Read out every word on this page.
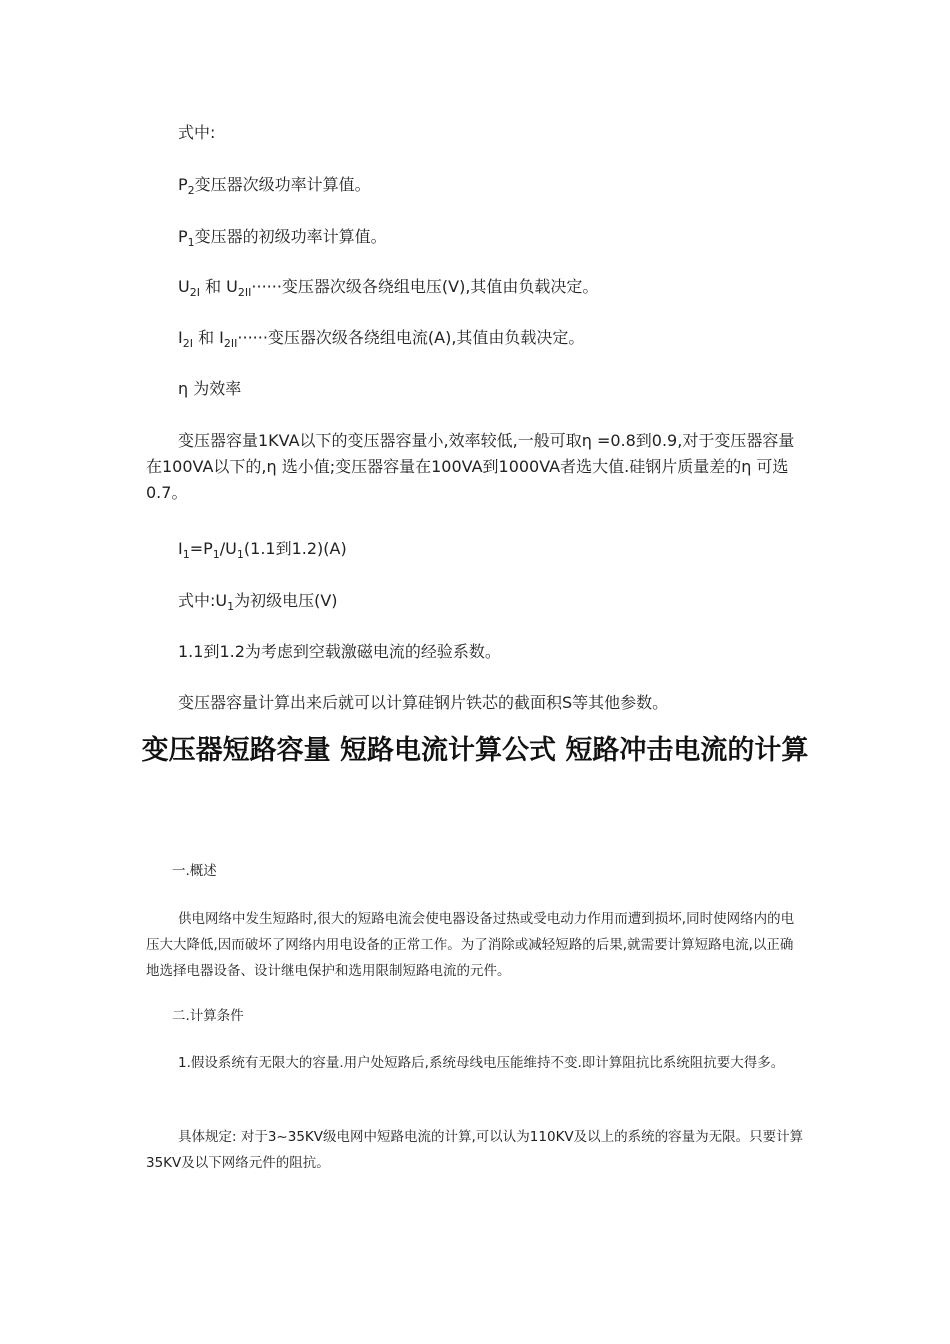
式中:

$P_2$变压器次级功率计算值。

$P_1$变压器的初级功率计算值。

$U_{2I}$ 和 $U_{2II}\cdot\cdot\cdot\cdot\cdot\cdot$变压器次级各绕组电压(V),其值由负载决定。

$I_{2I}$ 和 $I_{2II}\cdot\cdot\cdot\cdot\cdot\cdot$变压器次级各绕组电流(A),其值由负载决定。

η 为效率

变压器容量1KVA以下的变压器容量小,效率较低,一般可取η =0.8到0.9,对于变压器容量在100VA以下的,η 选小值;变压器容量在100VA到1000VA者选大值.硅钢片质量差的η 可选0.7。

$I_1=P_1/U_1(1.1$到1.2)(A)

式中$:U_1$为初级电压(V)

1.1到1.2为考虑到空载激磁电流的经验系数。

变压器容量计算出来后就可以计算硅钢片铁芯的截面积S等其他参数。

变压器短路容量 短路电流计算公式 短路冲击电流的计算

一.概述

供电网络中发生短路时,很大的短路电流会使电器设备过热或受电动力作用而遭到损坏,同时使网络内的电压大大降低,因而破坏了网络内用电设备的正常工作。为了消除或减轻短路的后果,就需要计算短路电流,以正确地选择电器设备、设计继电保护和选用限制短路电流的元件。

二.计算条件

1.假设系统有无限大的容量.用户处短路后,系统母线电压能维持不变.即计算阻抗比系统阻抗要大得多。

具体规定: 对于3~35KV级电网中短路电流的计算,可以认为110KV及以上的系统的容量为无限。只要计算35KV及以下网络元件的阻抗。
